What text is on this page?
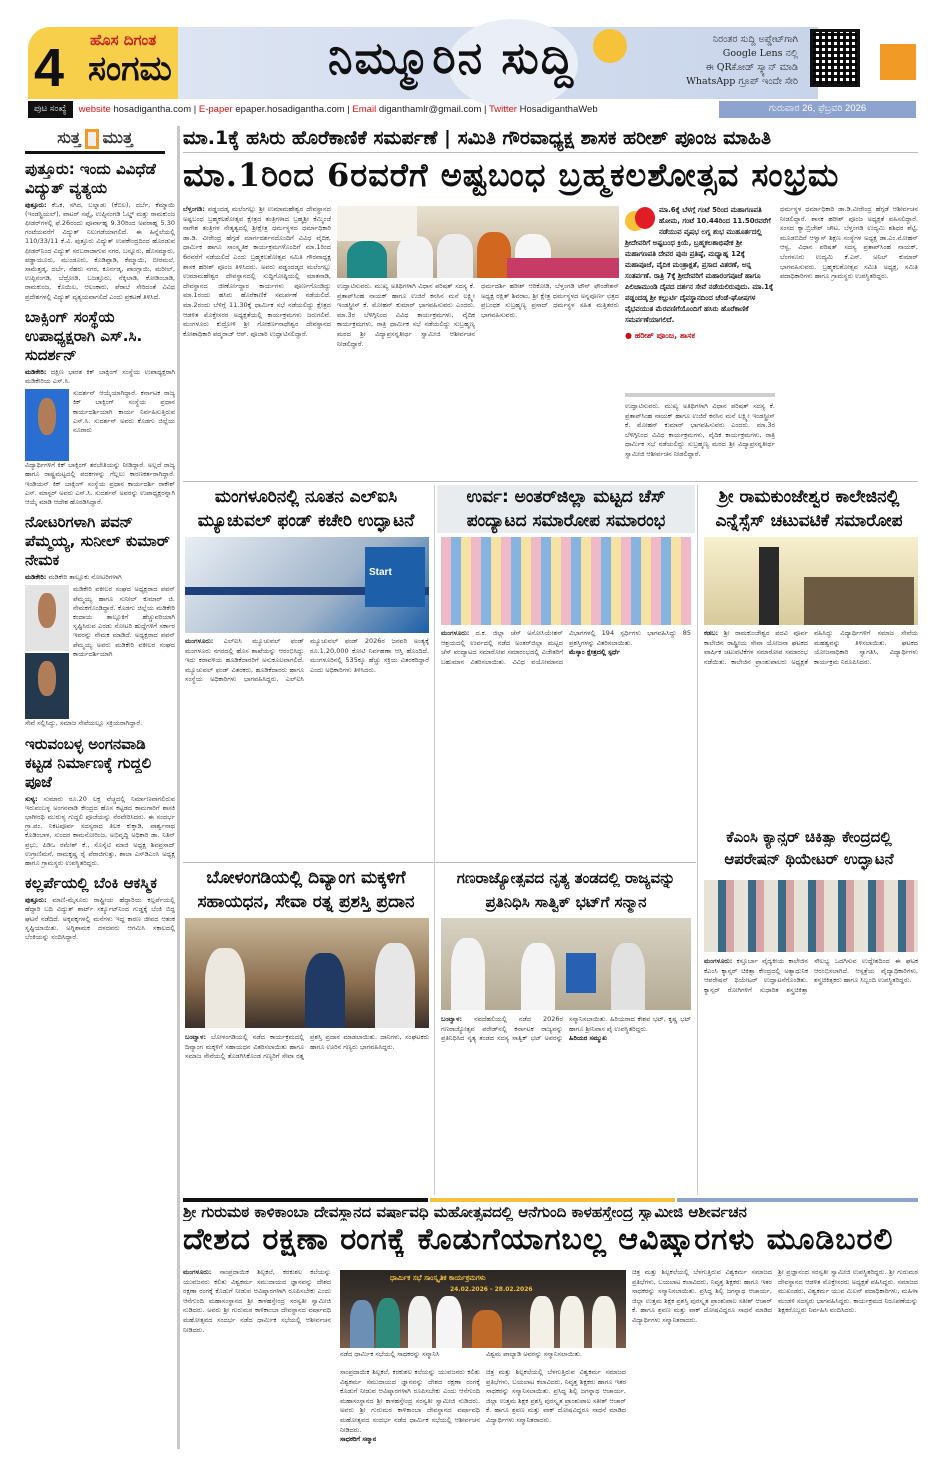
4 ಹೊಸ ದಿಗಂತ
ಸಂಗಮ	ನಿಮ್ಮೂರಿನ ಸುದ್ದಿ	ನಿರಂತರ ಸುದ್ದಿ ಅಪ್ಡೇಟ್‌ಗಾಗಿ
Google Lens ನಲ್ಲಿ
ಈ QRಕೋಡ್ ಸ್ಕ್ಯಾನ್ ಮಾಡಿ
WhatsApp ಗ್ರೂಪ್ ಇಂದೇ ಸೇರಿ
ಪುಟ ಸಂಖ್ಯೆ	website hosadigantha.com | E-paper epaper.hosadigantha.com | Email diganthamlr@gmail.com | Twitter HosadiganthaWeb	ಗುರುವಾರ 26, ಫೆಬ್ರವರಿ 2026
ಸುತ್ತ ಮುತ್ತ
ಪುತ್ತೂರು: ಇಂದು ವಿವಿಧೆಡೆ ವಿದ್ಯುತ್ ವ್ಯತ್ಯಯ

ಪುತ್ತೂರು: ಕೆಒಕ, ಸಗಿದ, ಬಲ್ನಾಡು (ಕೆಬಿಲ), ದರ್ಬೆ, ಕೆಮ್ಮಾಯಿ (ಇಂಡಸ್ಟ್ರಿಯಲ್), ವಾಟರ್ ಸಪ್ಲೈ, ಉಪ್ಪಿನಂಗಡಿ ಓಲ್ಡ್ ಮತ್ತು ರಾಮಕುಂಜ ಫೀಡರ್‌ಗಳಲ್ಲಿ ಫೆ.26ರಂದು ಪೂರ್ವಾಹ್ನ 9.30ರಿಂದ ಅಪರಾಹ್ನ 5.30 ಗಂಟೆಯವರೆಗೆ ವಿದ್ಯುತ್ ನಿಲುಗಡೆಯಾಗಲಿದೆ. ಈ ಹಿನ್ನೆಲೆಯಲ್ಲಿ 110/33/11 ಕೆ.ವಿ. ಪುತ್ತೂರು ವಿದ್ಯುತ್ ಉಪಕೇಂದ್ರದಿಂದ ಹೊರಡುವ ಫೀಡರ್‌ನಿಂದ ವಿದ್ಯುತ್ ಸರಬರಾಜಾಗುವ ನಗರ, ಬನ್ನೂರು, ಹೊಸಮ್ಮಾರು, ಪಡ್ಡಾಯೂರು, ಮುಂಡೂರು, ಕೊಡಿಪ್ಪಾಡಿ, ಕೆಮ್ಮಾಯಿ, ಬೀರಮಲೆ, ಸಾಮೆತ್ತಡ್ಕ, ದರ್ಬೆ, ನೆಹರು ನಗರ, ಕೂರ್ನಡ್ಕ, ಪಾಂಗ್ಲಾಯಿ, ಮರೀಲ್, ಉಪ್ಪಿನಂಗಡಿ, ಬೆದ್ರೋಡಿ, ಬಜತ್ತೂರು, ನೆಕ್ಕಿಲಾಡಿ, ಕೋಡಿಂಬಾಡಿ, ರಾಮಕುಂಜ, ಕೊಯಿಲ, ಆಲಂಕಾರು, ಪೆರಾಬೆ ಸೇರಿದಂತೆ ವಿವಿಧ ಪ್ರದೇಶಗಳಲ್ಲಿ ವಿದ್ಯುತ್ ವ್ಯತ್ಯಯವಾಗಲಿದೆ ಎಂದು ಪ್ರಕಟಣೆ ತಿಳಿಸಿದೆ.

ಬಾಕ್ಸಿಂಗ್ ಸಂಸ್ಥೆಯ ಉಪಾಧ್ಯಕ್ಷರಾಗಿ ಎಸ್.ಸಿ. ಸುದರ್ಶನ್

ಮಡಿಕೇರಿ: ದಕ್ಷಿಣ ಭಾರತ ಕಿಕ್ ಬಾಕ್ಸಿಂಗ್ ಸಂಸ್ಥೆಯ ಉಪಾಧ್ಯಕ್ಷರಾಗಿ ಮಡಿಕೇರಿಯ ಎಸ್.ಸಿ.

ಸುದರ್ಶನ್ ಆಯ್ಕೆಯಾಗಿದ್ದಾರೆ. ಕರ್ನಾಟಕ ರಾಜ್ಯ ಕಿಕ್ ಬಾಕ್ಸಿಂಗ್ ಸಂಸ್ಥೆಯ ಪ್ರಧಾನ ಕಾರ್ಯದರ್ಶಿಯಾಗಿ ಕಾರ್ಯ ನಿರ್ವಹಿಸುತ್ತಿರುವ ಎಸ್.ಸಿ. ಸುದರ್ಶನ್ ಅವರು ಕೊಡಗು ಜಿಲ್ಲೆಯ ನೂರಾರು

ವಿದ್ಯಾರ್ಥಿಗಳಿಗೆ ಕಿಕ್ ಬಾಕ್ಸಿಂಗ್ ತರಬೇತಿಯನ್ನು ನೀಡಿದ್ದಾರೆ. ಅಲ್ಲದೆ ರಾಜ್ಯ ಹಾಗೂ ರಾಷ್ಟ್ರಮಟ್ಟದಲ್ಲಿ ಪದಕಗಳನ್ನು ಗೆಲ್ಲಲು ಕಾರಣಕರ್ತರಾಗಿದ್ದಾರೆ. ಇಂಡಿಯನ್ ಕಿಕ್ ಬಾಕ್ಸಿಂಗ್ ಸಂಸ್ಥೆಯ ಪ್ರಧಾನ ಕಾರ್ಯದರ್ಶಿ ರಾಕೇಶ್ ಎಸ್. ಮಾಸ್ಟರ್ ಅವರು ಎಸ್.ಸಿ. ಸುದರ್ಶನ್ ಅವರನ್ನು ಉಪಾಧ್ಯಕ್ಷರನ್ನಾಗಿ ಆಯ್ಕೆ ಮಾಡಿ ಆದೇಶ ಹೊರಡಿಸಿದ್ದಾರೆ.

ನೋಟರಿಗಳಾಗಿ ಪವನ್ ಪೆಮ್ಮಯ್ಯ, ಸುನೀಲ್ ಕುಮಾರ್ ನೇಮಕ

ಮಡಿಕೇರಿ: ಮಡಿಕೇರಿ ತಾಲ್ಲೂಕು ನೋಟರಿಗಳಾಗಿ

ಮಡಿಕೇರಿ ವಕೀಲರ ಸಂಘದ ಅಧ್ಯಕ್ಷರಾದ ಪವನ್ ಪೆಮ್ಮಯ್ಯ ಹಾಗೂ ಸುನೀಲ್ ಕುಮಾರ್ ಜಿ. ನೇಮಕಗೊಂಡಿದ್ದಾರೆ. ಕೊಡಗು ಜಿಲ್ಲೆಯ ಮಡಿಕೇರಿ ಕಂದಾಯ ತಾಲ್ಲೂಕಿಗೆ ಹೆಚ್ಚುವರಿಯಾಗಿ ಸೃಷ್ಟಿಸಿರುವ ಎರಡು ನೋಟರಿ ಹುದ್ದೆಗಳಿಗೆ ಸರ್ಕಾರ ಇವರನ್ನು ನೇಮಕ ಮಾಡಿದೆ. ಅಧ್ಯಕ್ಷರಾದ ಪವನ್ ಪೆಮ್ಮಯ್ಯ ಅವರು ಮಡಿಕೇರಿ ವಕೀಲರ ಸಂಘದ ಕಾರ್ಯದರ್ಶಿಯಾಗಿ

ಸೇವೆ ಸಲ್ಲಿಸಿದ್ದು, ಸಮಾಜ ಸೇವೆಯಲ್ಲೂ ಸಕ್ರಿಯರಾಗಿದ್ದಾರೆ.

ಇರುವಂಬಳ್ಳ ಅಂಗನವಾಡಿ ಕಟ್ಟಡ ನಿರ್ಮಾಣಕ್ಕೆ ಗುದ್ದಲಿ ಪೂಜೆ

ಸುಳ್ಯ: ಸುಮಾರು ರೂ.20 ಲಕ್ಷ ವೆಚ್ಚದಲ್ಲಿ ನಿರ್ಮಾಣವಾಗಲಿರುವ ಇರುವಂಬಳ್ಳ ಅಂಗನವಾಡಿ ಕೇಂದ್ರದ ಹೊಸ ಕಟ್ಟಡದ ಕಾಮಗಾರಿಗೆ ಶಾಸಕಿ ಭಾಗೀರಥಿ ಮುರುಳ್ಯ ಗುದ್ದಲಿ ಪೂಜೆಯನ್ನು ನೆರವೇರಿಸಿದರು. ಈ ಸಂದರ್ಭ ಗ್ರಾ.ಪಂ. ನಿಕಟಪೂರ್ವ ಸದಸ್ಯರಾದ ತಿಲಕ ಕುಕ್ಕಾಡಿ, ಪಾರ್ಶ್ವನಾಥ ಕೊಡಿಂಬಾಳ, ಸುಂದರ ಕಾಮನೋರಿಂಜ, ಅಭಿವೃದ್ಧಿ ಅಧಿಕಾರಿ ಡಾ. ನಿತಿನ್ ಪ್ರಭು, ಪಿಡಿಒ ರಮೇಶ್ ಕೆ., ಸೊಸೈಟಿ ಮಾಜಿ ಅಧ್ಯಕ್ಷ ಶಿವಪ್ರಸಾದ್ ಉಗ್ರಾಣಿಮನೆ, ರಾಮಕೃಷ್ಣ ರೈ ಪೆರಾಜಿಗುತ್ತು, ಶಾಲಾ ಎಸ್‌ಡಿಎಂಸಿ ಅಧ್ಯಕ್ಷ ಹಾಗೂ ಗ್ರಾಮಸ್ಥರು ಉಪಸ್ಥಿತರಿದ್ದರು.

ಕಲ್ಲರ್ಪೆಯಲ್ಲಿ ಬೆಂಕಿ ಆಕಸ್ಮಿಕ

ಪುತ್ತೂರು: ಮಾಣಿ-ಮೈಸೂರು ರಾಷ್ಟ್ರೀಯ ಹೆದ್ದಾರಿಯ ಕಲ್ಲರ್ಪೆಯಲ್ಲಿ ಹೆದ್ದಾರಿ ಬದಿ ವಿದ್ಯುತ್ ಶಾರ್ಟ್ ಸರ್ಕ್ಯೂಟ್‌ನಿಂದ ಗುಡ್ಡಕ್ಕೆ ಬೆಂಕಿ ಬಿದ್ದ ಘಟನೆ ನಡೆದಿದೆ. ಅಕ್ಕಪಕ್ಕಗಳಲ್ಲಿ ಮನೆಗಳು ಇದ್ದ ಕಾರಣ ಜೀವದ ಆತಂಕ ಸೃಷ್ಟಿಯಾಯಿತು. ಅಗ್ನಿಶಾಮಕ ದಳದವರು ಆಗಮಿಸಿ ಸಕಾಲದಲ್ಲಿ ಬೆಂಕಿಯನ್ನು ನಂದಿಸಿದ್ದಾರೆ.

ಮಾ.1ಕ್ಕೆ ಹಸಿರು ಹೊರೆಕಾಣಿಕೆ ಸಮರ್ಪಣೆ | ಸಮಿತಿ ಗೌರವಾಧ್ಯಕ್ಷ ಶಾಸಕ ಹರೀಶ್ ಪೂಂಜ ಮಾಹಿತಿ
ಮಾ.1ರಿಂದ 6ರವರೆಗೆ ಅಷ್ಟಬಂಧ ಬ್ರಹ್ಮಕಲಶೋತ್ಸವ ಸಂಭ್ರಮ
ಬೆಳ್ತಂಗಡಿ: ಪಡ್ಡಂದಡ್ಕ ಮಲೆಂಗಲ್ಲು ಶ್ರೀ ಉಮಾಮಹೇಶ್ವರ ದೇವಸ್ಥಾನದ ಅಷ್ಟಬಂಧ ಬ್ರಹ್ಮಕಲಶೋತ್ಸವ ಕ್ಷೇತ್ರದ ತಂತ್ರಿಗಳಾದ ಬ್ರಹ್ಮಶ್ರೀ ಕೆಮ್ಮಿಂಜೆ ನಾಗೇಶ ತಂತ್ರಿಗಳ ನೇತೃತ್ವದಲ್ಲಿ ಶ್ರೀಕ್ಷೇತ್ರ ಧರ್ಮಸ್ಥಳದ ಧರ್ಮಾಧಿಕಾರಿ ಡಾ.ಡಿ. ವೀರೇಂದ್ರ ಹೆಗ್ಗಡೆ ಮಾರ್ಗದರ್ಶನದೊಂದಿಗೆ ವಿವಿಧ ವೈದಿಕ, ಧಾರ್ಮಿಕ ಹಾಗೂ ಸಾಂಸ್ಕೃತಿಕ ಕಾರ್ಯಕ್ರಮಗಳೊಂದಿಗೆ ಮಾ.1ರಿಂದ 6ರವರೆಗೆ ನಡೆಯಲಿದೆ ಎಂದು ಬ್ರಹ್ಮಕಲಶೋತ್ಸವ ಸಮಿತಿ ಗೌರವಾಧ್ಯಕ್ಷ ಶಾಸಕ ಹರೀಶ್ ಪೂಂಜ ತಿಳಿಸಿದರು. ಅವರು ಪಡ್ಡಂದಡ್ಕದ ಮಲೆಂಗಲ್ಲು ಉಮಾಮಹೇಶ್ವರ ದೇವಸ್ಥಾನದಲ್ಲಿ ಸುದ್ದಿಗೋಷ್ಠಿಯಲ್ಲಿ ಮಾತನಾಡಿ, ದೇವಸ್ಥಾನದ ಜೀರ್ಣೋದ್ಧಾರ ಕಾರ್ಯಗಳು ಪೂರ್ಣಗೊಂಡಿದ್ದು ಮಾ.1ರಂದು ಹಸಿರು ಹೊರೆಕಾಣಿಕೆ ಸಮರ್ಪಣೆ ನಡೆಯಲಿದೆ. ಮಾ.2ರಂದು ಬೆಳಿಗ್ಗೆ 11.30ಕ್ಕೆ ಧಾರ್ಮಿಕ ಸಭೆ ನಡೆಯಲಿದ್ದು ಕ್ಷೇತ್ರದ ಆಡಳಿತ ಮೊಕ್ತೇಸರರ ಅಧ್ಯಕ್ಷತೆಯಲ್ಲಿ ಕಾರ್ಯಕ್ರಮಗಳು ಜರುಗಲಿವೆ. ಮಂಗಳೂರು ಕುದ್ರೋಳಿ ಶ್ರೀ ಗೋಕರ್ಣನಾಥೇಶ್ವರ ದೇವಸ್ಥಾನದ ಕೋಶಾಧಿಕಾರಿ ಪದ್ಮರಾಜ್ ಆರ್. ಪೂಜಾರಿ ಉದ್ಘಾಟಿಸಲಿದ್ದಾರೆ.
ಉದ್ಘಾಟಿಸುವರು. ಮುಖ್ಯ ಅತಿಥಿಗಳಾಗಿ ವಿಧಾನ ಪರಿಷತ್ ಸದಸ್ಯ ಕೆ. ಪ್ರತಾಪ್‌ಸಿಂಹ ನಾಯಕ್ ಹಾಗೂ ಉಜಿರೆ ಕನಸಿನ ಮನೆ ಲಕ್ಷ್ಮೀ ಇಂಡಸ್ಟ್ರೀಸ್ ಕೆ. ಮೋಹನ್ ಕುಮಾರ್ ಭಾಗವಹಿಸುವರು ಎಂದರು. ಮಾ.3ರ ಬೆಳಿಗ್ಗಿನಿಂದ ವಿವಿಧ ಕಾರ್ಯಕ್ರಮಗಳು, ವೈದಿಕ ಕಾರ್ಯಕ್ರಮಗಳು, ರಾತ್ರಿ ಧಾರ್ಮಿಕ ಸಭೆ ನಡೆಯಲಿದ್ದು ಸುಬ್ರಹ್ಮಣ್ಯ ಮಠದ ಶ್ರೀ ವಿದ್ಯಾಪ್ರಸನ್ನತೀರ್ಥ ಸ್ವಾಮೀಜಿ ಆಶೀರ್ವಚನ ನೀಡಲಿದ್ದಾರೆ.
ಧರ್ಮದರ್ಶಿ ಹರೀಶ್ ಆರಿಕೋಡಿ, ಬೆಳ್ತಂಗಡಿ ಟೌನ್ ಫೌಂಡೇಶನ್ ಅಧ್ಯಕ್ಷ ರಕ್ಷಿತ್ ಶಿವರಾಂ, ಶ್ರೀ ಕ್ಷೇತ್ರ ಧರ್ಮಸ್ಥಳದ ಅನ್ನಪೂರ್ಣ ಛತ್ರದ ಪ್ರಬಂಧಕ ಸುಬ್ರಹ್ಮಣ್ಯ ಪ್ರಸಾದ್ ಧರ್ಮಸ್ಥಳ ಸಹಿತ ಮತ್ತಿತರರು ಭಾಗವಹಿಸುವರು.
ಮಾ.6ಕ್ಕೆ ಬೆಳಗ್ಗೆ ಗಂಟೆ 5ರಿಂದ ಮಹಾಗಣಪತಿ ಹೋಮ, ಗಂಟೆ 10.44ರಿಂದ 11.50ರವರೆಗೆ ನಡೆಯುವ ವೃಷಭ ಲಗ್ನ ಶುಭ ಮುಹೂರ್ತದಲ್ಲಿ ಶ್ರೀದೇವರಿಗೆ ಅಷ್ಟಬಂಧ ಕ್ರಿಯೆ, ಬ್ರಹ್ಮಕಲಶಾಭಿಷೇಕ ಶ್ರೀ ಮಹಾಗಣಪತಿ ದೇವರ ಪುನಃ ಪ್ರತಿಷ್ಠೆ, ಮಧ್ಯಾಹ್ನ 12ಕ್ಕೆ ಮಹಾಪೂಜೆ, ವೈದಿಕ ಮಂತ್ರಾಕ್ಷತೆ, ಪ್ರಸಾದ ವಿತರಣೆ, ಅನ್ನ ಸಂತರ್ಪಣೆ. ರಾತ್ರಿ 7ಕ್ಕೆ ಶ್ರೀದೇವರಿಗೆ ಮಹಾರಂಗಪೂಜೆ ಹಾಗೂ ಪಿಲಿಚಾಮುಂಡಿ ದೈವದ ದರ್ಶನ ಸೇವೆ ನಡೆಯಲಿರುವುದು. ಮಾ.1ಕ್ಕೆ ಪಡ್ಡಂದಡ್ಕ ಶ್ರೀ ಕಲ್ಲುರ್ಟಿ ದೈವಸ್ಥಾನದಿಂದ ಚೆಂಡೆ-ಘೋಷಗಳ ವೈಭವಯುತ ಮೆರವಣಿಗೆಯೊಂದಿಗೆ ಹಸಿರು ಹೊರೆಕಾಣಿಕೆ ಸಮರ್ಪಣೆಯಾಗಲಿದೆ.
● ಹರೀಶ್ ಪೂಂಜ, ಶಾಸಕ
ಉದ್ಘಾಟಿಸುವರು. ಮುಖ್ಯ ಅತಿಥಿಗಳಾಗಿ ವಿಧಾನ ಪರಿಷತ್ ಸದಸ್ಯ ಕೆ. ಪ್ರತಾಪ್‌ಸಿಂಹ ನಾಯಕ್ ಹಾಗೂ ಉಜಿರೆ ಕನಸಿನ ಮನೆ ಲಕ್ಷ್ಮೀ ಇಂಡಸ್ಟ್ರೀಸ್ ಕೆ. ಮೋಹನ್ ಕುಮಾರ್ ಭಾಗವಹಿಸುವರು ಎಂದರು. ಮಾ.3ರ ಬೆಳಿಗ್ಗಿನಿಂದ ವಿವಿಧ ಕಾರ್ಯಕ್ರಮಗಳು, ವೈದಿಕ ಕಾರ್ಯಕ್ರಮಗಳು, ರಾತ್ರಿ ಧಾರ್ಮಿಕ ಸಭೆ ನಡೆಯಲಿದ್ದು ಸುಬ್ರಹ್ಮಣ್ಯ ಮಠದ ಶ್ರೀ ವಿದ್ಯಾಪ್ರಸನ್ನತೀರ್ಥ ಸ್ವಾಮೀಜಿ ಆಶೀರ್ವಚನ ನೀಡಲಿದ್ದಾರೆ.
ಧರ್ಮಸ್ಥಳ ಧರ್ಮಾಧಿಕಾರಿ ಡಾ.ಡಿ.ವೀರೇಂದ್ರ ಹೆಗ್ಗಡೆ ಆಶೀರ್ವಚನ ನೀಡಲಿದ್ದಾರೆ. ಶಾಸಕ ಹರೀಶ್ ಪೂಂಜ ಅಧ್ಯಕ್ಷತೆ ವಹಿಸಲಿದ್ದಾರೆ. ಸಂಸದ ಕ್ಯಾ.ಬ್ರಿಜೇಶ್ ಚೌಟ, ಬೆಳ್ತಂಗಡಿ ಉದ್ಯಮಿ ಶಶಿಧರ ಶೆಟ್ಟಿ, ಮೂಡಬಿದಿರೆ ಆಳ್ವಾಸ್ ಶಿಕ್ಷಣ ಸಂಸ್ಥೆಗಳ ಅಧ್ಯಕ್ಷ ಡಾ.ಎಂ.ಮೋಹನ್ ಆಳ್ವ, ವಿಧಾನ ಪರಿಷತ್ ಸದಸ್ಯ ಪ್ರತಾಪ್‌ಸಿಂಹ ನಾಯಕ್, ಬೆಂಗಳೂರು ಉದ್ಯಮಿ ಕೆ.ಎನ್. ಅನಿಲ್ ಕುಮಾರ್ ಭಾಗವಹಿಸುವರು. ಬ್ರಹ್ಮಕಲಶೋತ್ಸವ ಸಮಿತಿ ಅಧ್ಯಕ್ಷ, ಸಮಿತಿ ಪದಾಧಿಕಾರಿಗಳು ಹಾಗೂ ಗ್ರಾಮಸ್ಥರು ಉಪಸ್ಥಿತರಿದ್ದರು.
ಮಂಗಳೂರಿನಲ್ಲಿ ನೂತನ ಎಲ್‌ಐಸಿ ಮ್ಯೂಚುವಲ್ ಫಂಡ್ ಕಚೇರಿ ಉದ್ಘಾಟನೆ
Start
ಮಂಗಳೂರು: ಎಲ್‌ಐಸಿ ಮ್ಯೂಚುವಲ್ ಫಂಡ್ ಮಂಗಳೂರು ನಗರದಲ್ಲಿ ಹೊಸ ಶಾಖೆಯನ್ನು ಆರಂಭಿಸಿದ್ದು ಇದು ಕರಾವಳಿಯ ಹೂಡಿಕೆದಾರರಿಗೆ ಅನುಕೂಲವಾಗಲಿದೆ. ಮ್ಯೂಚುವಲ್ ಫಂಡ್ ವಿತರಕರು, ಹೂಡಿಕೆದಾರರು ಹಾಗೂ ಸಂಸ್ಥೆಯ ಅಧಿಕಾರಿಗಳು ಭಾಗವಹಿಸಿದ್ದರು. ಎಲ್‌ಐಸಿ ಮ್ಯೂಚುವಲ್ ಫಂಡ್ 2026ರ ಜನವರಿ ಅಂತ್ಯಕ್ಕೆ ರೂ.1,20,000 ಕೋಟಿ ನಿರ್ವಹಣಾ ಆಸ್ತಿ ಹೊಂದಿದೆ. ಮಂಗಳೂರಿನಲ್ಲಿ 535ಕ್ಕೂ ಹೆಚ್ಚು ಸಕ್ರಿಯ ವಿತರಕರಿದ್ದಾರೆ ಎಂದು ಅಧಿಕಾರಿಗಳು ತಿಳಿಸಿದರು.
ಉರ್ವ: ಅಂತರ್‌ಜಿಲ್ಲಾ ಮಟ್ಟದ ಚೆಸ್ ಪಂದ್ಯಾಟದ ಸಮಾರೋಪ ಸಮಾರಂಭ
ಮಂಗಳೂರು: ದ.ಕ. ಜಿಲ್ಲಾ ಚೆಸ್ ಅಸೋಸಿಯೇಶನ್ ಆಶ್ರಯದಲ್ಲಿ ಉರ್ವದಲ್ಲಿ ನಡೆದ ಅಂತರ್‌ಜಿಲ್ಲಾ ಮಟ್ಟದ ಚೆಸ್ ಪಂದ್ಯಾಟದ ಸಮಾರೋಪ ಸಮಾರಂಭದಲ್ಲಿ ವಿಜೇತರಿಗೆ ಬಹುಮಾನ ವಿತರಿಸಲಾಯಿತು. ವಿವಿಧ ವಯೋಮಾನದ ವಿಭಾಗಗಳಲ್ಲಿ 194 ಸ್ಪರ್ಧಿಗಳು ಭಾಗವಹಿಸಿದ್ದು 85 ಪ್ರಶಸ್ತಿಗಳನ್ನು ವಿತರಿಸಲಾಯಿತು.
ಮೆಸ್ಕಾಂ ಕ್ಷೇತ್ರದಲ್ಲಿ ಸ್ಪರ್ಧೆ
ಶ್ರೀ ರಾಮಕುಂಜೇಶ್ವರ ಕಾಲೇಜಿನಲ್ಲಿ ಎನ್ನೆಸ್ಸೆಸ್ ಚಟುವಟಿಕೆ ಸಮಾರೋಪ
ಕಡಬ: ಶ್ರೀ ರಾಮಕುಂಜೇಶ್ವರ ಪದವಿ ಪೂರ್ವ ಕಾಲೇಜಿನ ರಾಷ್ಟ್ರೀಯ ಸೇವಾ ಯೋಜನಾ ಘಟಕದ ವಾರ್ಷಿಕ ಚಟುವಟಿಕೆಗಳ ಸಮಾರೋಪ ಸಮಾರಂಭ ನಡೆಯಿತು. ಕಾಲೇಜಿನ ಪ್ರಾಂಶುಪಾಲರು ಅಧ್ಯಕ್ಷತೆ ವಹಿಸಿದ್ದು ವಿದ್ಯಾರ್ಥಿಗಳಿಗೆ ಸಮಾಜ ಸೇವೆಯ ಮಹತ್ವವನ್ನು ತಿಳಿಸಲಾಯಿತು. ಘಟಕದ ಯೋಜನಾಧಿಕಾರಿ ಸ್ವಾಗತಿಸಿ, ವಿದ್ಯಾರ್ಥಿಗಳು ಕಾರ್ಯಕ್ರಮ ನಿರೂಪಿಸಿದರು.
ಕೆಎಂಸಿ ಕ್ಯಾನ್ಸರ್ ಚಿಕಿತ್ಸಾ ಕೇಂದ್ರದಲ್ಲಿ ಆಪರೇಷನ್ ಥಿಯೇಟರ್ ಉದ್ಘಾಟನೆ
ಮಂಗಳೂರು: ಕಸ್ತೂರ್ಬಾ ವೈದ್ಯಕೀಯ ಕಾಲೇಜಿನ ಕೆಎಂಸಿ ಕ್ಯಾನ್ಸರ್ ಚಿಕಿತ್ಸಾ ಕೇಂದ್ರದಲ್ಲಿ ಅತ್ಯಾಧುನಿಕ ಆಪರೇಷನ್ ಥಿಯೇಟರ್ ಉದ್ಘಾಟನೆಗೊಂಡಿತು. ಕ್ಯಾನ್ಸರ್ ರೋಗಿಗಳಿಗೆ ಸುಧಾರಿತ ಶಸ್ತ್ರಚಿಕಿತ್ಸಾ ಸೌಲಭ್ಯ ಒದಗಿಸುವ ಉದ್ದೇಶದಿಂದ ಈ ಘಟಕ ಆರಂಭಿಸಲಾಗಿದೆ. ಆಸ್ಪತ್ರೆಯ ವೈದ್ಯಾಧಿಕಾರಿಗಳು, ಶಸ್ತ್ರಚಿಕಿತ್ಸಕರು ಹಾಗೂ ಸಿಬ್ಬಂದಿ ಉಪಸ್ಥಿತರಿದ್ದರು.
ಬೋಳಂಗಡಿಯಲ್ಲಿ ದಿವ್ಯಾಂಗ ಮಕ್ಕಳಿಗೆ ಸಹಾಯಧನ, ಸೇವಾ ರತ್ನ ಪ್ರಶಸ್ತಿ ಪ್ರದಾನ
ಬಂಟ್ವಾಳ: ಬೋಳಂಗಡಿಯಲ್ಲಿ ನಡೆದ ಕಾರ್ಯಕ್ರಮದಲ್ಲಿ ದಿವ್ಯಾಂಗ ಮಕ್ಕಳಿಗೆ ಸಹಾಯಧನ ವಿತರಿಸಲಾಯಿತು ಹಾಗೂ ಸಮಾಜ ಸೇವೆಯಲ್ಲಿ ತೊಡಗಿಸಿಕೊಂಡ ಗಣ್ಯರಿಗೆ ಸೇವಾ ರತ್ನ ಪ್ರಶಸ್ತಿ ಪ್ರದಾನ ಮಾಡಲಾಯಿತು. ದಾನಿಗಳು, ಸಂಘಟಕರು ಹಾಗೂ ಊರಿನ ಗಣ್ಯರು ಭಾಗವಹಿಸಿದ್ದರು.
ಗಣರಾಜ್ಯೋತ್ಸವದ ನೃತ್ಯ ತಂಡದಲ್ಲಿ ರಾಜ್ಯವನ್ನು ಪ್ರತಿನಿಧಿಸಿ ಸಾತ್ವಿಕ್ ಭಟ್‌ಗೆ ಸನ್ಮಾನ
ಬಂಟ್ವಾಳ: ನವದೆಹಲಿಯಲ್ಲಿ ನಡೆದ 2026ರ ಗಣರಾಜ್ಯೋತ್ಸವ ಪರೇಡ್‌ನಲ್ಲಿ ಕರ್ನಾಟಕ ರಾಜ್ಯವನ್ನು ಪ್ರತಿನಿಧಿಸಿದ ನೃತ್ಯ ತಂಡದ ಸದಸ್ಯ ಸಾತ್ವಿಕ್ ಭಟ್ ಅವರನ್ನು ಸನ್ಮಾನಿಸಲಾಯಿತು. ಹಿರಿಯರಾದ ಕೇಶವ ಭಟ್, ಕೃಷ್ಣ ಭಟ್ ಹಾಗೂ ಶ್ರೀನಿವಾಸ ಪೈ ಉಪಸ್ಥಿತರಿದ್ದರು.
ಹಿರಿಯರ ಸಮ್ಮುಖ
ಶ್ರೀ ಗುರುಮಠ ಕಾಳಿಕಾಂಬಾ ದೇವಸ್ಥಾನದ ವರ್ಷಾವಧಿ ಮಹೋತ್ಸವದಲ್ಲಿ ಆನೆಗುಂದಿ ಕಾಳಹಸ್ತೇಂದ್ರ ಸ್ವಾಮೀಜಿ ಆಶೀರ್ವಚನ
ದೇಶದ ರಕ್ಷಣಾ ರಂಗಕ್ಕೆ ಕೊಡುಗೆಯಾಗಬಲ್ಲ ಆವಿಷ್ಕಾರಗಳು ಮೂಡಿಬರಲಿ
ಮಂಗಳೂರು: ಸಾಂಪ್ರದಾಯಿಕ ಶಿಲ್ಪಕಲೆ, ಕರಕುಶಲ ಕಲೆಯನ್ನು ಯುವಜನರು ಕಲಿತು ವಿಶ್ವಕರ್ಮ ಸಮುದಾಯದ ಜ್ಞಾನವನ್ನು ದೇಶದ ರಕ್ಷಣಾ ರಂಗಕ್ಕೆ ಕೊಡುಗೆ ನೀಡುವ ಆವಿಷ್ಕಾರಗಳಾಗಿ ರೂಪಿಸಬೇಕು ಎಂದು ಆನೆಗುಂದಿ ಮಹಾಸಂಸ್ಥಾನದ ಶ್ರೀ ಕಾಳಹಸ್ತೇಂದ್ರ ಸರಸ್ವತೀ ಸ್ವಾಮೀಜಿ ನುಡಿದರು. ಅವರು ಶ್ರೀ ಗುರುಮಠ ಕಾಳಿಕಾಂಬಾ ದೇವಸ್ಥಾನದ ವರ್ಷಾವಧಿ ಮಹೋತ್ಸವದ ಸಂದರ್ಭ ನಡೆದ ಧಾರ್ಮಿಕ ಸಭೆಯಲ್ಲಿ ಆಶೀರ್ವಚನ ನೀಡಿದರು.
ಧಾರ್ಮಿಕ ಸಭೆ ಸಾಂಸ್ಕೃತಿಕ ಕಾರ್ಯಕ್ರಮಗಳು
24.02.2026 - 28.02.2026
ನಡೆದ ಧಾರ್ಮಿಕ ಸಭೆಯಲ್ಲಿ ಸಾಧಕರನ್ನು ಸನ್ಮಾನಿಸಿ	ವಿಶ್ವಮ ಪಾಲ್ಯಾಡಿ ಅವರನ್ನು ಸನ್ಮಾನಿಸಲಾಯಿತು.
ಸಾಂಪ್ರದಾಯಿಕ ಶಿಲ್ಪಕಲೆ, ಕರಕುಶಲ ಕಲೆಯನ್ನು ಯುವಜನರು ಕಲಿತು ವಿಶ್ವಕರ್ಮ ಸಮುದಾಯದ ಜ್ಞಾನವನ್ನು ದೇಶದ ರಕ್ಷಣಾ ರಂಗಕ್ಕೆ ಕೊಡುಗೆ ನೀಡುವ ಆವಿಷ್ಕಾರಗಳಾಗಿ ರೂಪಿಸಬೇಕು ಎಂದು ಆನೆಗುಂದಿ ಮಹಾಸಂಸ್ಥಾನದ ಶ್ರೀ ಕಾಳಹಸ್ತೇಂದ್ರ ಸರಸ್ವತೀ ಸ್ವಾಮೀಜಿ ನುಡಿದರು. ಅವರು ಶ್ರೀ ಗುರುಮಠ ಕಾಳಿಕಾಂಬಾ ದೇವಸ್ಥಾನದ ವರ್ಷಾವಧಿ ಮಹೋತ್ಸವದ ಸಂದರ್ಭ ನಡೆದ ಧಾರ್ಮಿಕ ಸಭೆಯಲ್ಲಿ ಆಶೀರ್ವಚನ ನೀಡಿದರು.
ಸಾಧಕರಿಗೆ ಸನ್ಮಾನ
ಚಿತ್ರ ಮತ್ತು ಶಿಲ್ಪಕಲೆಯಲ್ಲಿ ಬೆಳಗುತ್ತಿರುವ ವಿಶ್ವಕರ್ಮ ಸಮಾಜದ ಪ್ರತಿಭೆಗಳು, ಬಯಲಾಟ ಕಲಾವಿದರು, ನಿವೃತ್ತ ಶಿಕ್ಷಕರು ಹಾಗೂ ಇತರ ಸಾಧಕರನ್ನು ಸನ್ಮಾನಿಸಲಾಯಿತು. ಪ್ರಸಿದ್ಧ ಶಿಲ್ಪಿ ಜಗನ್ನಾಥ ಆಚಾರ್ಯ, ಜಿಲ್ಲಾ ಉತ್ತಮ ಶಿಕ್ಷಕ ಪ್ರಶಸ್ತಿ ಪುರಸ್ಕೃತ ಪ್ರಾಂಶುಪಾಲ ಸತೀಶ್ ಆಚಾರ್ ಕೆ. ಹಾಗೂ ಶ್ರವಣ ಮತ್ತು ವಾಕ್ ದೋಷವಿದ್ದರೂ ಸಾಧನೆ ಮಾಡಿದ ವಿದ್ಯಾರ್ಥಿಗಳು ಸನ್ಮಾನಿತರಾದರು.
ಚಿತ್ರ ಮತ್ತು ಶಿಲ್ಪಕಲೆಯಲ್ಲಿ ಬೆಳಗುತ್ತಿರುವ ವಿಶ್ವಕರ್ಮ ಸಮಾಜದ ಪ್ರತಿಭೆಗಳು, ಬಯಲಾಟ ಕಲಾವಿದರು, ನಿವೃತ್ತ ಶಿಕ್ಷಕರು ಹಾಗೂ ಇತರ ಸಾಧಕರನ್ನು ಸನ್ಮಾನಿಸಲಾಯಿತು. ಪ್ರಸಿದ್ಧ ಶಿಲ್ಪಿ ಜಗನ್ನಾಥ ಆಚಾರ್ಯ, ಜಿಲ್ಲಾ ಉತ್ತಮ ಶಿಕ್ಷಕ ಪ್ರಶಸ್ತಿ ಪುರಸ್ಕೃತ ಪ್ರಾಂಶುಪಾಲ ಸತೀಶ್ ಆಚಾರ್ ಕೆ. ಹಾಗೂ ಶ್ರವಣ ಮತ್ತು ವಾಕ್ ದೋಷವಿದ್ದರೂ ಸಾಧನೆ ಮಾಡಿದ ವಿದ್ಯಾರ್ಥಿಗಳು ಸನ್ಮಾನಿತರಾದರು.
ಶ್ರೀ ಪ್ರಜ್ಞಾನಂದ ಸರಸ್ವತೀ ಸ್ವಾಮೀಜಿ ಉಪಸ್ಥಿತರಿದ್ದರು. ಶ್ರೀ ಗುರುಮಠ ದೇವಸ್ಥಾನದ ಆಡಳಿತ ಮೊಕ್ತೇಸರರು ಅಧ್ಯಕ್ಷತೆ ವಹಿಸಿದ್ದರು. ಸಮಾಜದ ಮುಖಂಡರು, ವಿಶ್ವಕರ್ಮ ಯುವ ಮಿಲನ್ ಪದಾಧಿಕಾರಿಗಳು, ಮಹಿಳಾ ಮಂಡಳಿ ಸದಸ್ಯರು ಭಾಗವಹಿಸಿದ್ದರು. ಕಾರ್ಯಕ್ರಮದ ನಿರೂಪಣೆಯನ್ನು ಶಿಕ್ಷಕರೊಬ್ಬರು ನಿರ್ವಹಿಸಿ ವಂದಿಸಿದರು.
